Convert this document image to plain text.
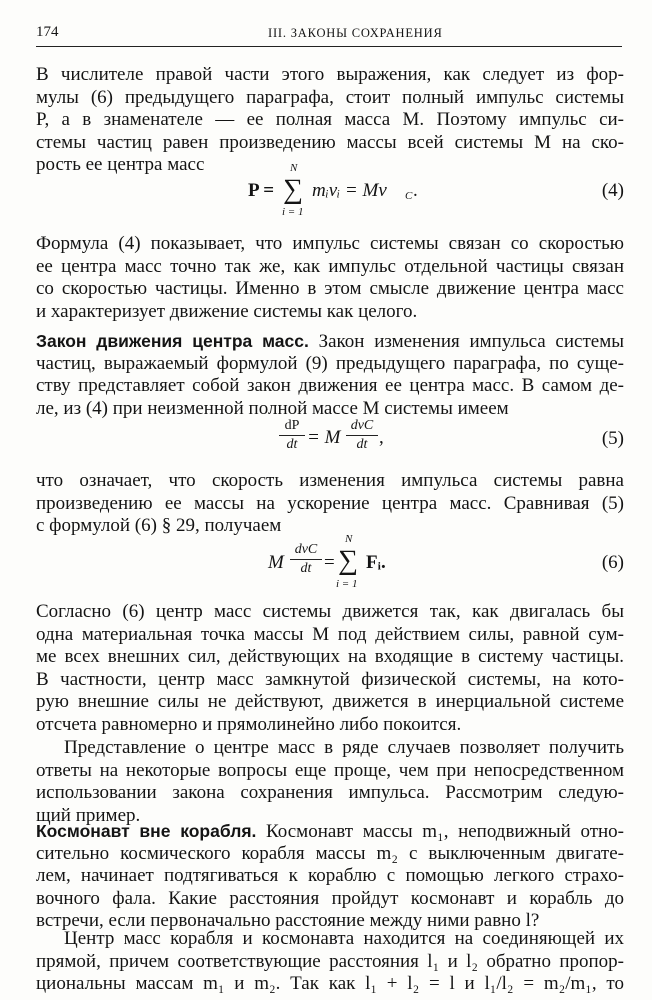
174	III. ЗАКОНЫ СОХРАНЕНИЯ
В числителе правой части этого выражения, как следует из фор-
мулы (6) предыдущего параграфа, стоит полный импульс системы
P, а в знаменателе — ее полная масса M. Поэтому импульс си-
стемы частиц равен произведению массы всей системы M на ско-
рость ее центра масс	N
P = ∑ mᵢvᵢ = Mv C .
i = 1
(4)
Формула (4) показывает, что импульс системы связан со скоростью
ее центра масс точно так же, как импульс отдельной частицы связан
со скоростью частицы. Именно в этом смысле движение центра масс
и характеризует движение системы как целого.
Закон движения центра масс. Закон изменения импульса системы
частиц, выражаемый формулой (9) предыдущего параграфа, по суще-
ству представляет собой закон движения ее центра масс. В самом де-
ле, из (4) при неизменной полной массе M системы имеем
dP
dt = M
dvC
dt ,	(5)
что означает, что скорость изменения импульса системы равна
произведению ее массы на ускорение центра масс. Сравнивая (5)
с формулой (6) § 29, получаем
M
dvC
dt =
N
∑ Fᵢ.
i = 1
(6)
Согласно (6) центр масс системы движется так, как двигалась бы
одна материальная точка массы M под действием силы, равной сум-
ме всех внешних сил, действующих на входящие в систему частицы.
В частности, центр масс замкнутой физической системы, на кото-
рую внешние силы не действуют, движется в инерциальной системе
отсчета равномерно и прямолинейно либо покоится.
Представление о центре масс в ряде случаев позволяет получить
ответы на некоторые вопросы еще проще, чем при непосредственном
использовании закона сохранения импульса. Рассмотрим следую-
щий пример.
Космонавт вне корабля. Космонавт массы m₁, неподвижный отно-
сительно космического корабля массы m₂ с выключенным двигате-
лем, начинает подтягиваться к кораблю с помощью легкого страхо-
вочного фала. Какие расстояния пройдут космонавт и корабль до
встречи, если первоначально расстояние между ними равно l?
Центр масс корабля и космонавта находится на соединяющей их
прямой, причем соответствующие расстояния l₁ и l₂ обратно пропор-
циональны массам m₁ и m₂. Так как l₁ + l₂ = l и l₁/l₂ = m₂/m₁, то
